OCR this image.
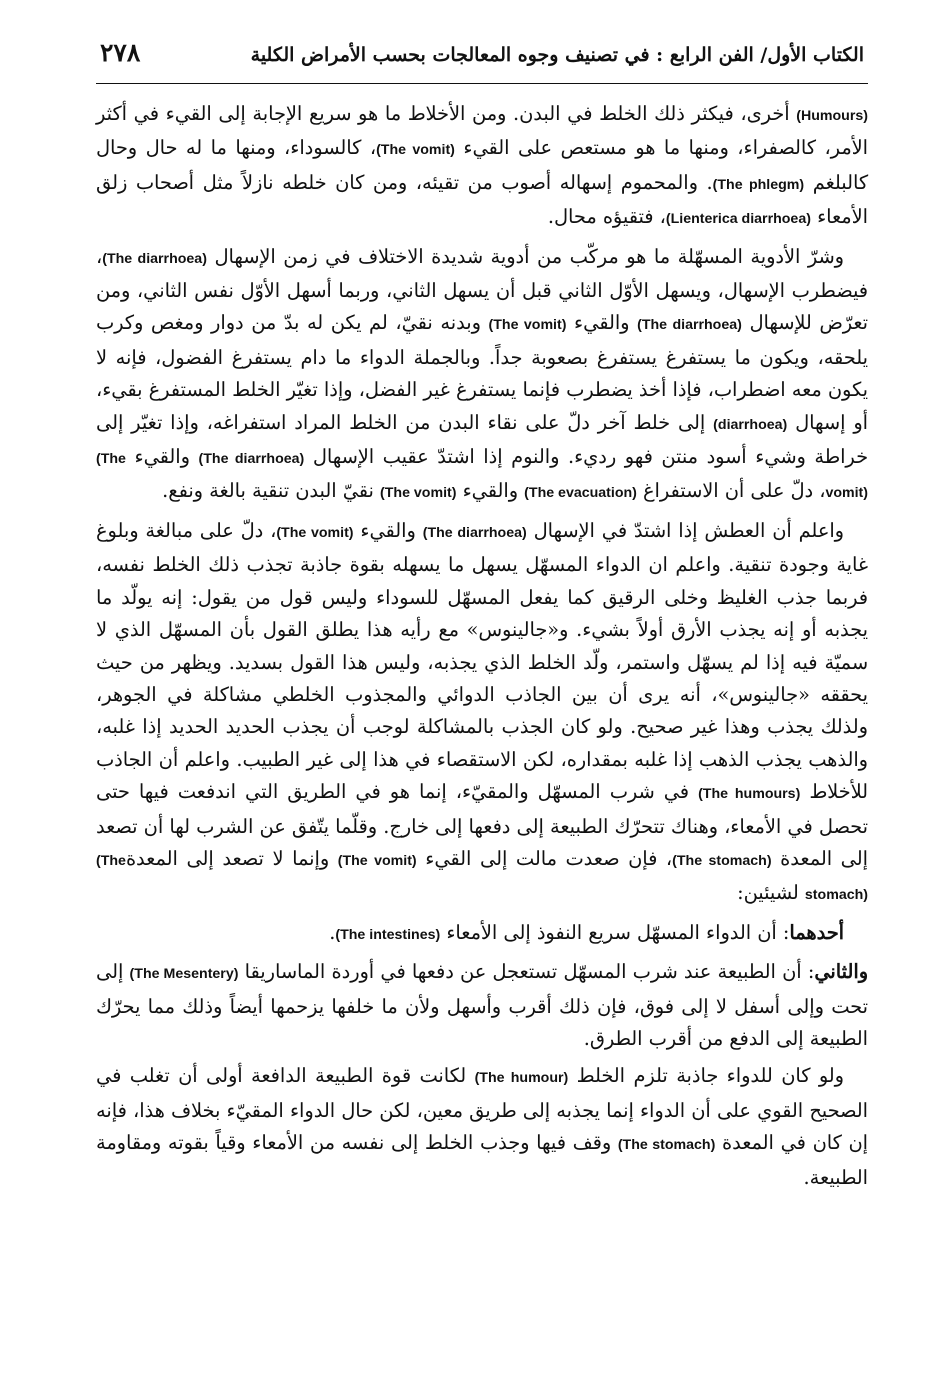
الكتاب الأول/ الفن الرابع : في تصنيف وجوه المعالجات بحسب الأمراض الكلية
٢٧٨

(Humours) أخرى، فيكثر ذلك الخلط في البدن. ومن الأخلاط ما هو سريع الإجابة إلى القيء في أكثر الأمر، كالصفراء، ومنها ما هو مستعص على القيء (The vomit)، كالسوداء، ومنها ما له حال وحال كالبلغم (The phlegm). والمحموم إسهاله أصوب من تقيئه، ومن كان خلطه نازلاً مثل أصحاب زلق الأمعاء (Lienterica diarrhoea)، فتقيؤه محال.

وشرّ الأدوية المسهّلة ما هو مركّب من أدوية شديدة الاختلاف في زمن الإسهال (The diarrhoea)، فيضطرب الإسهال، ويسهل الأوّل الثاني قبل أن يسهل الثاني، وربما أسهل الأوّل نفس الثاني، ومن تعرّض للإسهال (The diarrhoea) والقيء (The vomit) وبدنه نقيّ، لم يكن له بدّ من دوار ومغص وكرب يلحقه، ويكون ما يستفرغ يستفرغ بصعوبة جداً. وبالجملة الدواء ما دام يستفرغ الفضول، فإنه لا يكون معه اضطراب، فإذا أخذ يضطرب فإنما يستفرغ غير الفضل، وإذا تغيّر الخلط المستفرغ بقيء، أو إسهال (diarrhoea) إلى خلط آخر دلّ على نقاء البدن من الخلط المراد استفراغه، وإذا تغيّر إلى خراطة وشيء أسود منتن فهو رديء. والنوم إذا اشتدّ عقيب الإسهال (The diarrhoea) والقيء (The vomit)، دلّ على أن الاستفراغ (The evacuation) والقيء (The vomit) نقيّ البدن تنقية بالغة ونفع.

واعلم أن العطش إذا اشتدّ في الإسهال (The diarrhoea) والقيء (The vomit)، دلّ على مبالغة وبلوغ غاية وجودة تنقية. واعلم ان الدواء المسهّل يسهل ما يسهله بقوة جاذبة تجذب ذلك الخلط نفسه، فربما جذب الغليظ وخلى الرقيق كما يفعل المسهّل للسوداء وليس قول من يقول: إنه يولّد ما يجذبه أو إنه يجذب الأرق أولاً بشيء. و«جالينوس» مع رأيه هذا يطلق القول بأن المسهّل الذي لا سميّة فيه إذا لم يسهّل واستمر، ولّد الخلط الذي يجذبه، وليس هذا القول بسديد. ويظهر من حيث يحققه «جالينوس»، أنه يرى أن بين الجاذب الدوائي والمجذوب الخلطي مشاكلة في الجوهر، ولذلك يجذب وهذا غير صحيح. ولو كان الجذب بالمشاكلة لوجب أن يجذب الحديد الحديد إذا غلبه، والذهب يجذب الذهب إذا غلبه بمقداره، لكن الاستقصاء في هذا إلى غير الطبيب. واعلم أن الجاذب للأخلاط (The humours) في شرب المسهّل والمقيّء، إنما هو في الطريق التي اندفعت فيها حتى تحصل في الأمعاء، وهناك تتحرّك الطبيعة إلى دفعها إلى خارج. وقلّما يتّفق عن الشرب لها أن تصعد إلى المعدة (The stomach)، فإن صعدت مالت إلى القيء (The vomit) وإنما لا تصعد إلى المعدة(The stomach) لشيئين:

أحدهما: أن الدواء المسهّل سريع النفوذ إلى الأمعاء (The intestines).

والثاني: أن الطبيعة عند شرب المسهّل تستعجل عن دفعها في أوردة الماساريقا (The Mesentery) إلى تحت وإلى أسفل لا إلى فوق، فإن ذلك أقرب وأسهل ولأن ما خلفها يزحمها أيضاً وذلك مما يحرّك الطبيعة إلى الدفع من أقرب الطرق.

ولو كان للدواء جاذبة تلزم الخلط (The humour) لكانت قوة الطبيعة الدافعة أولى أن تغلب في الصحيح القوي على أن الدواء إنما يجذبه إلى طريق معين، لكن حال الدواء المقيّء بخلاف هذا، فإنه إن كان في المعدة (The stomach) وقف فيها وجذب الخلط إلى نفسه من الأمعاء وقياً بقوته ومقاومة الطبيعة.
